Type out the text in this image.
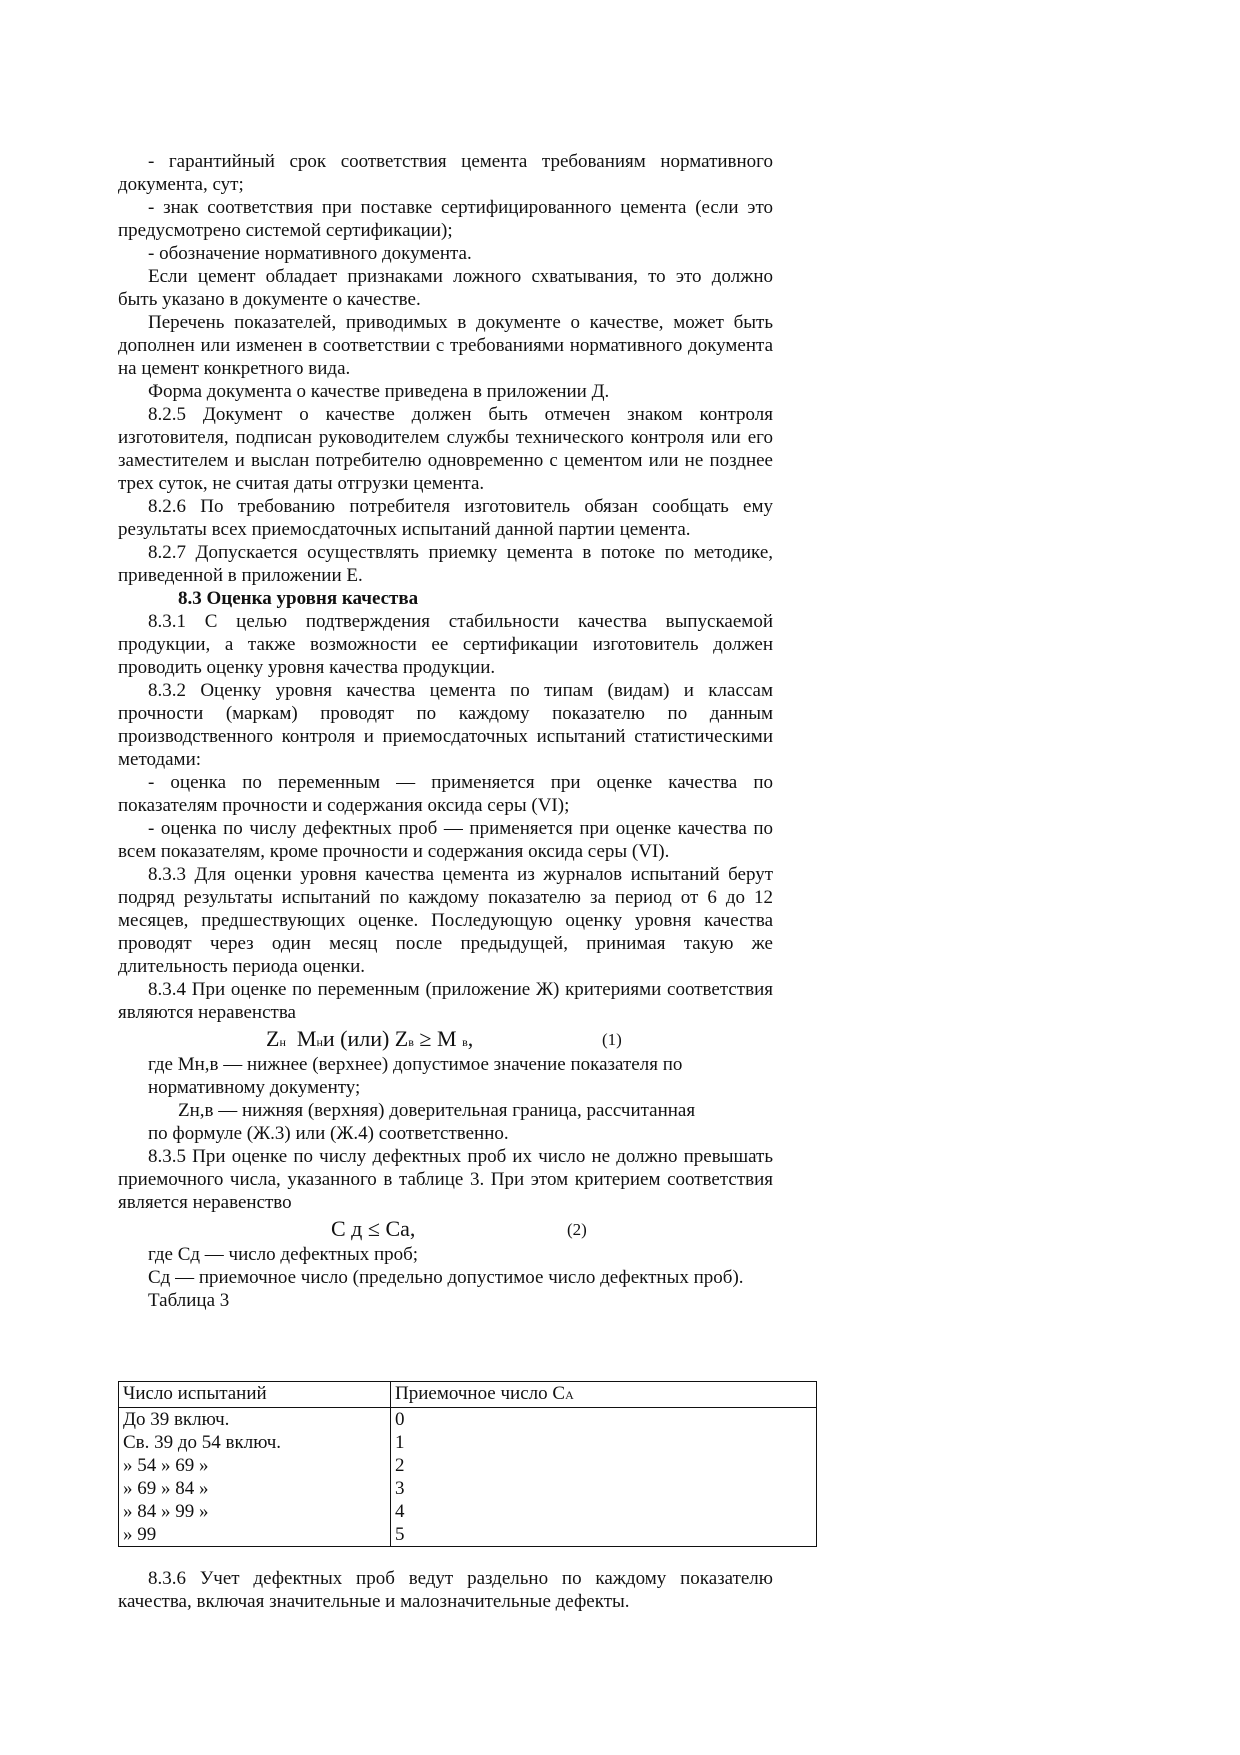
- гарантийный срок соответствия цемента требованиям нормативного документа, сут;

- знак соответствия при поставке сертифицированного цемента (если это предусмотрено системой сертификации);

- обозначение нормативного документа.

Если цемент обладает признаками ложного схватывания, то это должно быть указано в документе о качестве.

Перечень показателей, приводимых в документе о качестве, может быть дополнен или изменен в соответствии с требованиями нормативного документа на цемент конкретного вида.

Форма документа о качестве приведена в приложении Д.

8.2.5 Документ о качестве должен быть отмечен знаком контроля изготовителя, подписан руководителем службы технического контроля или его заместителем и выслан потребителю одновременно с цементом или не позднее трех суток, не считая даты отгрузки цемента.

8.2.6 По требованию потребителя изготовитель обязан сообщать ему результаты всех приемосдаточных испытаний данной партии цемента.

8.2.7 Допускается осуществлять приемку цемента в потоке по методике, приведенной в приложении Е.

8.3 Оценка уровня качества

8.3.1 С целью подтверждения стабильности качества выпускаемой продукции, а также возможности ее сертификации изготовитель должен проводить оценку уровня качества продукции.

8.3.2 Оценку уровня качества цемента по типам (видам) и классам прочности (маркам) проводят по каждому показателю по данным производственного контроля и приемосдаточных испытаний статистическими методами:

- оценка по переменным — применяется при оценке качества по показателям прочности и содержания оксида серы (VI);

- оценка по числу дефектных проб — применяется при оценке качества по всем показателям, кроме прочности и содержания оксида серы (VI).

8.3.3 Для оценки уровня качества цемента из журналов испытаний берут подряд результаты испытаний по каждому показателю за период от 6 до 12 месяцев, предшествующих оценке. Последующую оценку уровня качества проводят через один месяц после предыдущей, принимая такую же длительность периода оценки.

8.3.4 При оценке по переменным (приложение Ж) критериями соответствия являются неравенства

Zн Мни (или) Zв ≥ М в,	(1)

где Мн,в — нижнее (верхнее) допустимое значение показателя по

нормативному документу;

Zн,в — нижняя (верхняя) доверительная граница, рассчитанная

по формуле (Ж.3) или (Ж.4) соответственно.

8.3.5 При оценке по числу дефектных проб их число не должно превышать приемочного числа, указанного в таблице 3. При этом критерием соответствия является неравенство

С д ≤ Са,	(2)

где Сд — число дефектных проб;

Сд — приемочное число (предельно допустимое число дефектных проб).

Таблица 3

Число испытаний	Приемочное число СА
До 39 включ.	0
Св. 39 до 54 включ.	1
» 54 » 69 »	2
» 69 » 84 »	3
» 84 » 99 »	4
» 99	5

8.3.6 Учет дефектных проб ведут раздельно по каждому показателю качества, включая значительные и малозначительные дефекты.
